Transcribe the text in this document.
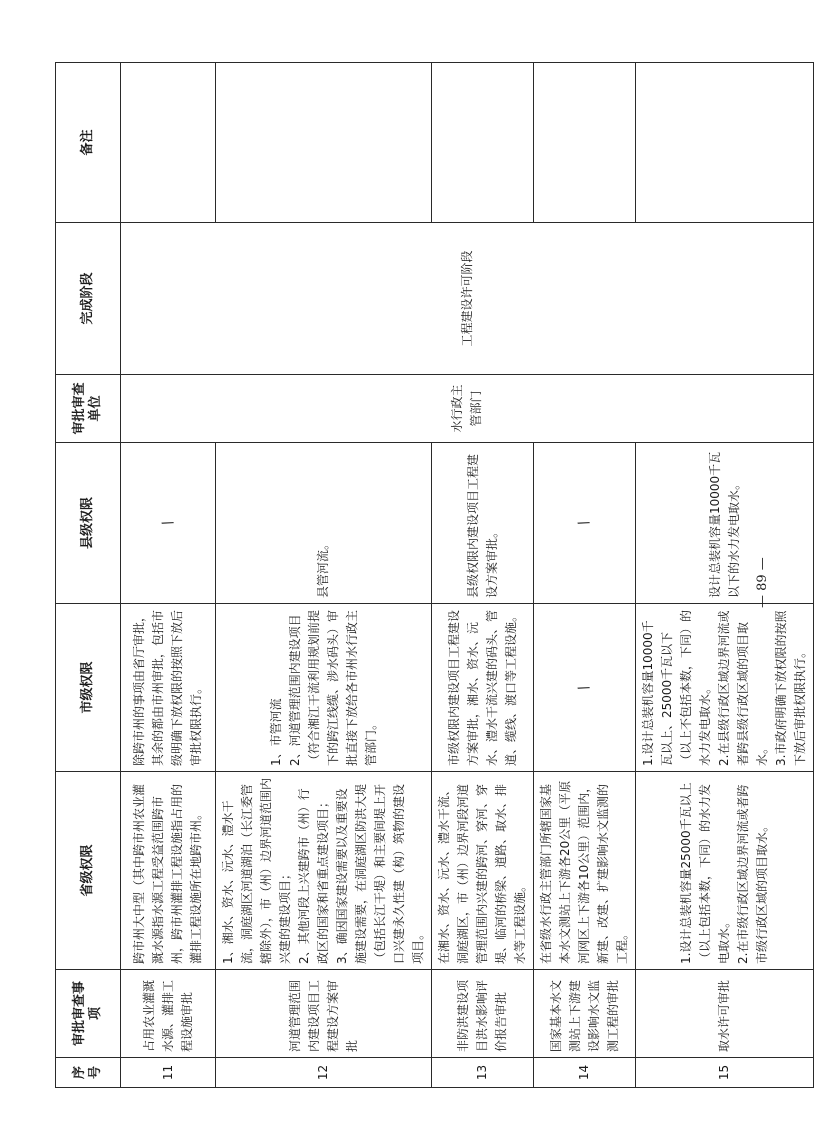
序号	审批审查事项	省级权限	市级权限	县级权限	审批审查单位	完成阶段	备注
11	占用农业灌溉水源、灌排工程设施审批	跨市州大中型（其中跨市州农业灌溉水源指水源工程受益范围跨市州，跨市州灌排工程设施指占用的灌排工程设施所在地跨市州。	除跨市州的事项由省厅审批，其余的都由市州审批，包括市级明确下放权限的按照下放后审批权限执行。	/	水行政主管部门	工程建设许可阶段	
12	河道管理范围内建设项目工程建设方案审批	1、湘水、资水、沅水、澧水干流，洞庭湖区河道湖泊（长江委管辖除外），市（州）边界河道范围内兴建的建设项目；
2、其他河段上兴建跨市（州）行政区的国家和省重点建设项目；
3、确因国家建设需要以及重要设施建设需要，在洞庭湖区防洪大堤（包括长江干堤）和主要间堤上开口兴建永久性建（构）筑物的建设项目。	1、市管河流
2、河道管理范围内建设项目（符合湘江干流利用规划前提下的跨江线缆、涉水码头）审批直接下放给各市州水行政主管部门。	县管河流。			
13	非防洪建设项目洪水影响评价报告审批	在湘水、资水、沅水、澧水干流、洞庭湖区，市（州）边界河段河道管理范围内兴建的跨河、穿河、穿堤、临河的桥梁、道路、取水、排水等工程设施。	市级权限内建设项目工程建设方案审批，湘水、资水、沅水、澧水干流兴建的码头、管道、缆线、渡口等工程设施。	县级权限内建设项目工程建设方案审批。			
14	国家基本水文测站上下游建设影响水文监测工程的审批	在省级水行政主管部门所辖国家基本水文测站上下游各20公里（平原河网区上下游各10公里）范围内，新建、改建、扩建影响水文监测的工程。	/	/			
15	取水许可审批	1.设计总装机容量25000千瓦以上（以上包括本数，下同）的水力发电取水。
2.在市级行政区域边界河流或者跨市级行政区域的项目取水。	1.设计总装机容量10000千瓦以上、25000千瓦以下（以上不包括本数，下同）的水力发电取水。
2.在县级行政区域边界河流或者跨县级行政区域的项目取水。
3.市政府明确下放权限的按照下放后审批权限执行。	设计总装机容量10000千瓦以下的水力发电取水。			— 89 —
